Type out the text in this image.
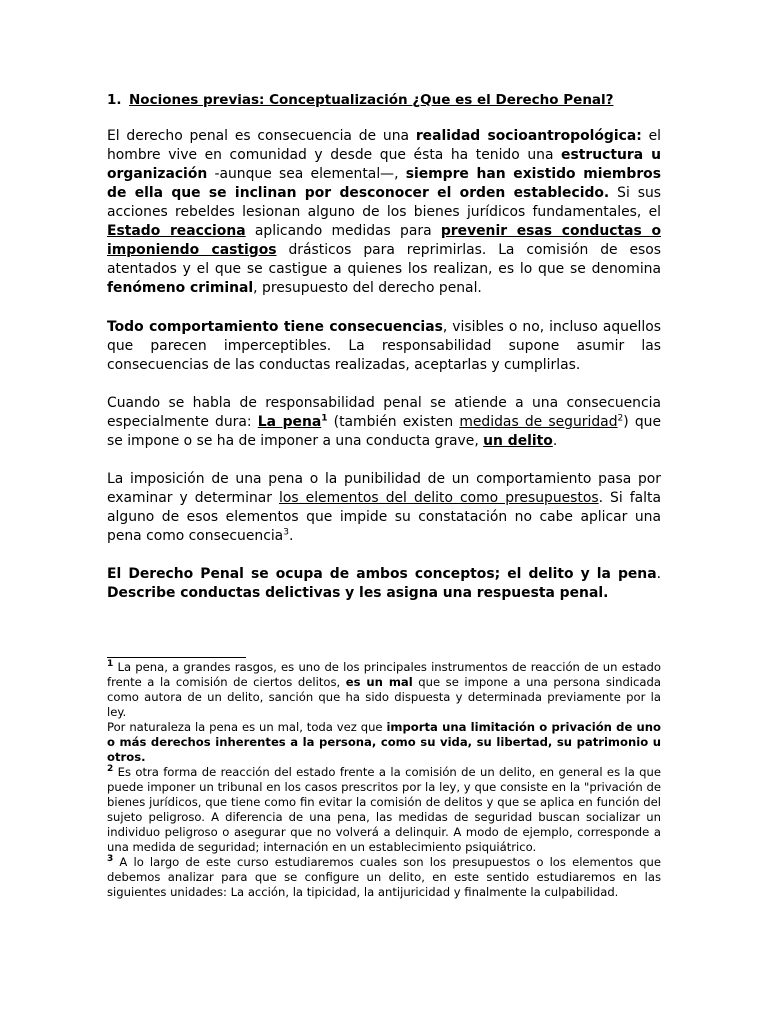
1. Nociones previas: Conceptualización ¿Que es el Derecho Penal?

El derecho penal es consecuencia de una realidad socioantropológica: el hombre vive en comunidad y desde que ésta ha tenido una estructura u organización -aunque sea elemental—, siempre han existido miembros de ella que se inclinan por desconocer el orden establecido. Si sus acciones rebeldes lesionan alguno de los bienes jurídicos fundamentales, el Estado reacciona aplicando medidas para prevenir esas conductas o imponiendo castigos drásticos para reprimirlas. La comisión de esos atentados y el que se castigue a quienes los realizan, es lo que se denomina fenómeno criminal, presupuesto del derecho penal.

Todo comportamiento tiene consecuencias, visibles o no, incluso aquellos que parecen imperceptibles. La responsabilidad supone asumir las consecuencias de las conductas realizadas, aceptarlas y cumplirlas.

Cuando se habla de responsabilidad penal se atiende a una consecuencia especialmente dura: La pena$^1$ (también existen medidas de seguridad$^2$) que se impone o se ha de imponer a una conducta grave, un delito.

La imposición de una pena o la punibilidad de un comportamiento pasa por examinar y determinar los elementos del delito como presupuestos. Si falta alguno de esos elementos que impide su constatación no cabe aplicar una pena como consecuencia$^3$.

El Derecho Penal se ocupa de ambos conceptos; el delito y la pena. Describe conductas delictivas y les asigna una respuesta penal.

$^1$ La pena, a grandes rasgos, es uno de los principales instrumentos de reacción de un estado frente a la comisión de ciertos delitos, es un mal que se impone a una persona sindicada como autora de un delito, sanción que ha sido dispuesta y determinada previamente por la ley.

Por naturaleza la pena es un mal, toda vez que importa una limitación o privación de uno o más derechos inherentes a la persona, como su vida, su libertad, su patrimonio u otros.

$^2$ Es otra forma de reacción del estado frente a la comisión de un delito, en general es la que puede imponer un tribunal en los casos prescritos por la ley, y que consiste en la "privación de bienes jurídicos, que tiene como fin evitar la comisión de delitos y que se aplica en función del sujeto peligroso. A diferencia de una pena, las medidas de seguridad buscan socializar un individuo peligroso o asegurar que no volverá a delinquir. A modo de ejemplo, corresponde a una medida de seguridad; internación en un establecimiento psiquiátrico.

$^3$ A lo largo de este curso estudiaremos cuales son los presupuestos o los elementos que debemos analizar para que se configure un delito, en este sentido estudiaremos en las siguientes unidades: La acción, la tipicidad, la antijuricidad y finalmente la culpabilidad.
